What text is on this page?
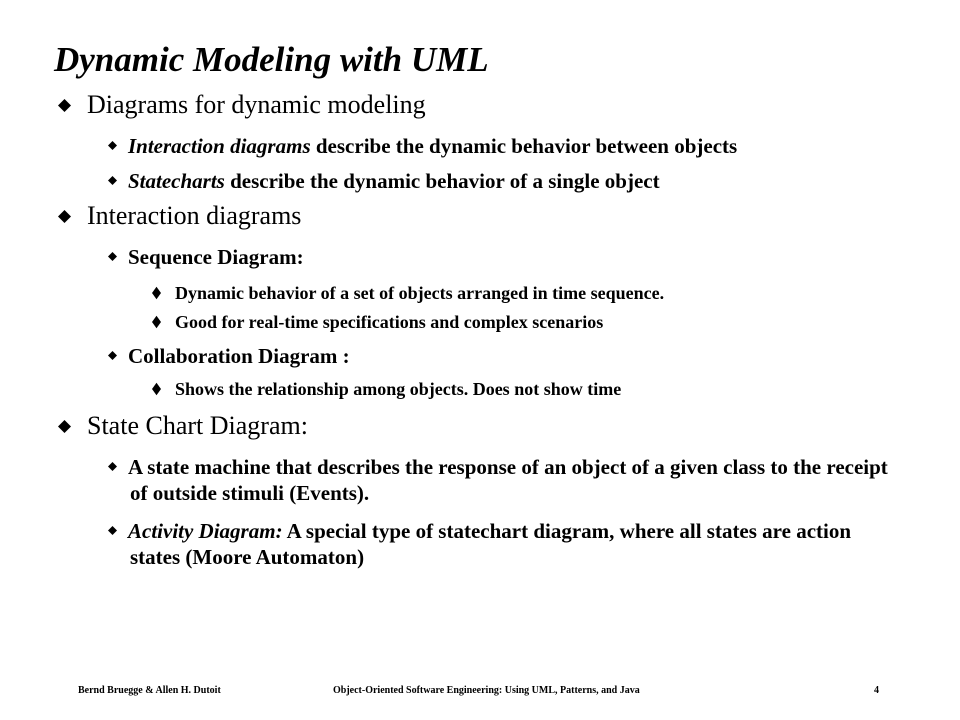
Dynamic Modeling with UML
Diagrams for dynamic modeling
Interaction diagrams describe the dynamic behavior between objects
Statecharts describe the dynamic behavior of a single object
Interaction diagrams
Sequence Diagram:
Dynamic behavior of a set of objects arranged in time sequence.
Good for real-time specifications and complex scenarios
Collaboration Diagram :
Shows the relationship among objects. Does not show time
State Chart Diagram:
A state machine that describes the response of an object of a given class to the receipt of outside stimuli (Events).
Activity Diagram: A special type of statechart diagram, where all states are action states (Moore Automaton)
Bernd Bruegge & Allen H. Dutoit	Object-Oriented Software Engineering: Using UML, Patterns, and Java	4
